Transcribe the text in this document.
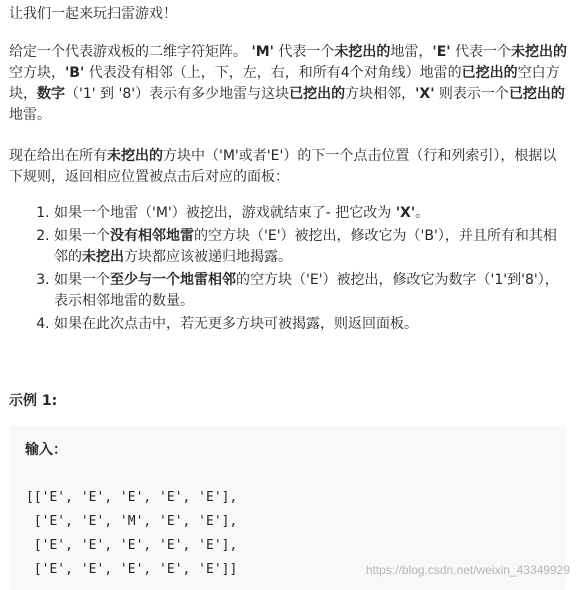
让我们一起来玩扫雷游戏！

给定一个代表游戏板的二维字符矩阵。 'M' 代表一个未挖出的地雷，'E' 代表一个未挖出的空方块，'B' 代表没有相邻（上，下，左，右，和所有4个对角线）地雷的已挖出的空白方块，数字（'1' 到 '8'）表示有多少地雷与这块已挖出的方块相邻，'X' 则表示一个已挖出的地雷。

现在给出在所有未挖出的方块中（'M'或者'E'）的下一个点击位置（行和列索引），根据以下规则，返回相应位置被点击后对应的面板：

1. 如果一个地雷（'M'）被挖出，游戏就结束了- 把它改为 'X'。
2. 如果一个没有相邻地雷的空方块（'E'）被挖出，修改它为（'B'），并且所有和其相邻的未挖出方块都应该被递归地揭露。
3. 如果一个至少与一个地雷相邻的空方块（'E'）被挖出，修改它为数字（'1'到'8'），表示相邻地雷的数量。
4. 如果在此次点击中，若无更多方块可被揭露，则返回面板。
示例 1:
输入：
[['E', 'E', 'E', 'E', 'E'],
['E', 'E', 'M', 'E', 'E'],
['E', 'E', 'E', 'E', 'E'],
['E', 'E', 'E', 'E', 'E']]	https://blog.csdn.net/weixin_43349929
